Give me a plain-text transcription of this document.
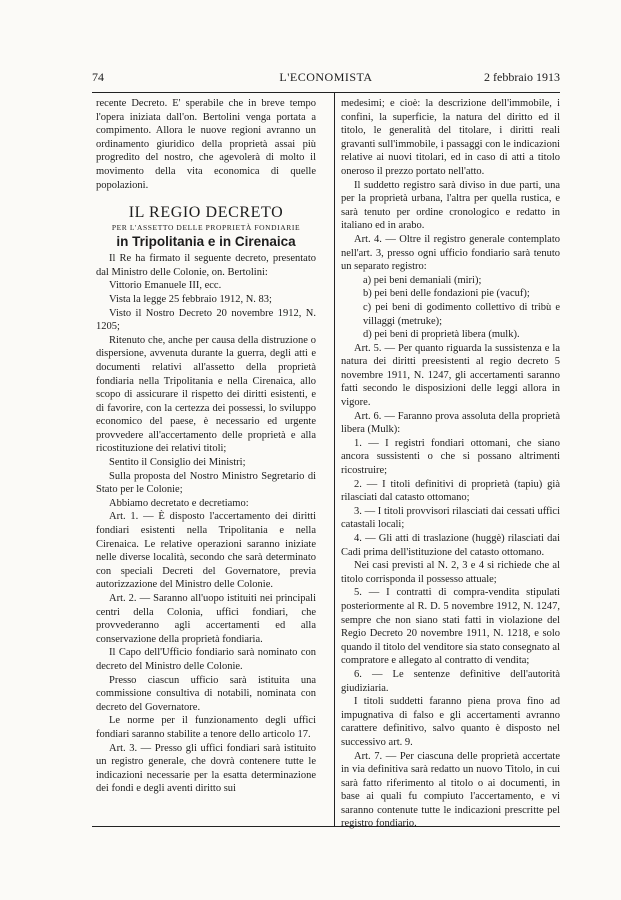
74	L'ECONOMISTA	2 febbraio 1913

recente Decreto. E' sperabile che in breve tempo l'opera iniziata dall'on. Bertolini venga portata a compimento. Allora le nuove regioni avranno un ordinamento giuridico della proprietà assai più progredito del nostro, che agevolerà di molto il movimento della vita economica di quelle popolazioni.

IL REGIO DECRETO
PER L'ASSETTO DELLE PROPRIETÀ FONDIARIE
in Tripolitania e in Cirenaica

Il Re ha firmato il seguente decreto, presentato dal Ministro delle Colonie, on. Bertolini:

Vittorio Emanuele III, ecc.

Vista la legge 25 febbraio 1912, N. 83;

Visto il Nostro Decreto 20 novembre 1912, N. 1205;

Ritenuto che, anche per causa della distruzione o dispersione, avvenuta durante la guerra, degli atti e documenti relativi all'assetto della proprietà fondiaria nella Tripolitania e nella Cirenaica, allo scopo di assicurare il rispetto dei diritti esistenti, e di favorire, con la certezza dei possessi, lo sviluppo economico del paese, è necessario ed urgente provvedere all'accertamento delle proprietà e alla ricostituzione dei relativi titoli;

Sentito il Consiglio dei Ministri;

Sulla proposta del Nostro Ministro Segretario di Stato per le Colonie;

Abbiamo decretato e decretiamo:

Art. 1. — È disposto l'accertamento dei diritti fondiari esistenti nella Tripolitania e nella Cirenaica. Le relative operazioni saranno iniziate nelle diverse località, secondo che sarà determinato con speciali Decreti del Governatore, previa autorizzazione del Ministro delle Colonie.

Art. 2. — Saranno all'uopo istituiti nei principali centri della Colonia, uffici fondiari, che provvederanno agli accertamenti ed alla conservazione della proprietà fondiaria.

Il Capo dell'Ufficio fondiario sarà nominato con decreto del Ministro delle Colonie.

Presso ciascun ufficio sarà istituita una commissione consultiva di notabili, nominata con decreto del Governatore.

Le norme per il funzionamento degli uffici fondiari saranno stabilite a tenore dello articolo 17.

Art. 3. — Presso gli uffici fondiari sarà istituito un registro generale, che dovrà contenere tutte le indicazioni necessarie per la esatta determinazione dei fondi e degli aventi diritto sui

medesimi; e cioè: la descrizione dell'immobile, i confini, la superficie, la natura del diritto ed il titolo, le generalità del titolare, i diritti reali gravanti sull'immobile, i passaggi con le indicazioni relative ai nuovi titolari, ed in caso di atti a titolo oneroso il prezzo portato nell'atto.

Il suddetto registro sarà diviso in due parti, una per la proprietà urbana, l'altra per quella rustica, e sarà tenuto per ordine cronologico e redatto in italiano ed in arabo.

Art. 4. — Oltre il registro generale contemplato nell'art. 3, presso ogni ufficio fondiario sarà tenuto un separato registro:

a) pei beni demaniali (miri);

b) pei beni delle fondazioni pie (vacuf);

c) pei beni di godimento collettivo di tribù e villaggi (metruke);

d) pei beni di proprietà libera (mulk).

Art. 5. — Per quanto riguarda la sussistenza e la natura dei diritti preesistenti al regio decreto 5 novembre 1911, N. 1247, gli accertamenti saranno fatti secondo le disposizioni delle leggi allora in vigore.

Art. 6. — Faranno prova assoluta della proprietà libera (Mulk):

1. — I registri fondiari ottomani, che siano ancora sussistenti o che si possano altrimenti ricostruire;

2. — I titoli definitivi di proprietà (tapiu) già rilasciati dal catasto ottomano;

3. — I titoli provvisori rilasciati dai cessati uffici catastali locali;

4. — Gli atti di traslazione (huggè) rilasciati dai Cadi prima dell'istituzione del catasto ottomano.

Nei casi previsti al N. 2, 3 e 4 si richiede che al titolo corrisponda il possesso attuale;

5. — I contratti di compra-vendita stipulati posteriormente al R. D. 5 novembre 1912, N. 1247, sempre che non siano stati fatti in violazione del Regio Decreto 20 novembre 1911, N. 1218, e solo quando il titolo del venditore sia stato consegnato al compratore e allegato al contratto di vendita;

6. — Le sentenze definitive dell'autorità giudiziaria.

I titoli suddetti faranno piena prova fino ad impugnativa di falso e gli accertamenti avranno carattere definitivo, salvo quanto è disposto nel successivo art. 9.

Art. 7. — Per ciascuna delle proprietà accertate in via definitiva sarà redatto un nuovo Titolo, in cui sarà fatto riferimento al titolo o ai documenti, in base ai quali fu compiuto l'accertamento, e vi saranno contenute tutte le indicazioni prescritte pel registro fondiario.
